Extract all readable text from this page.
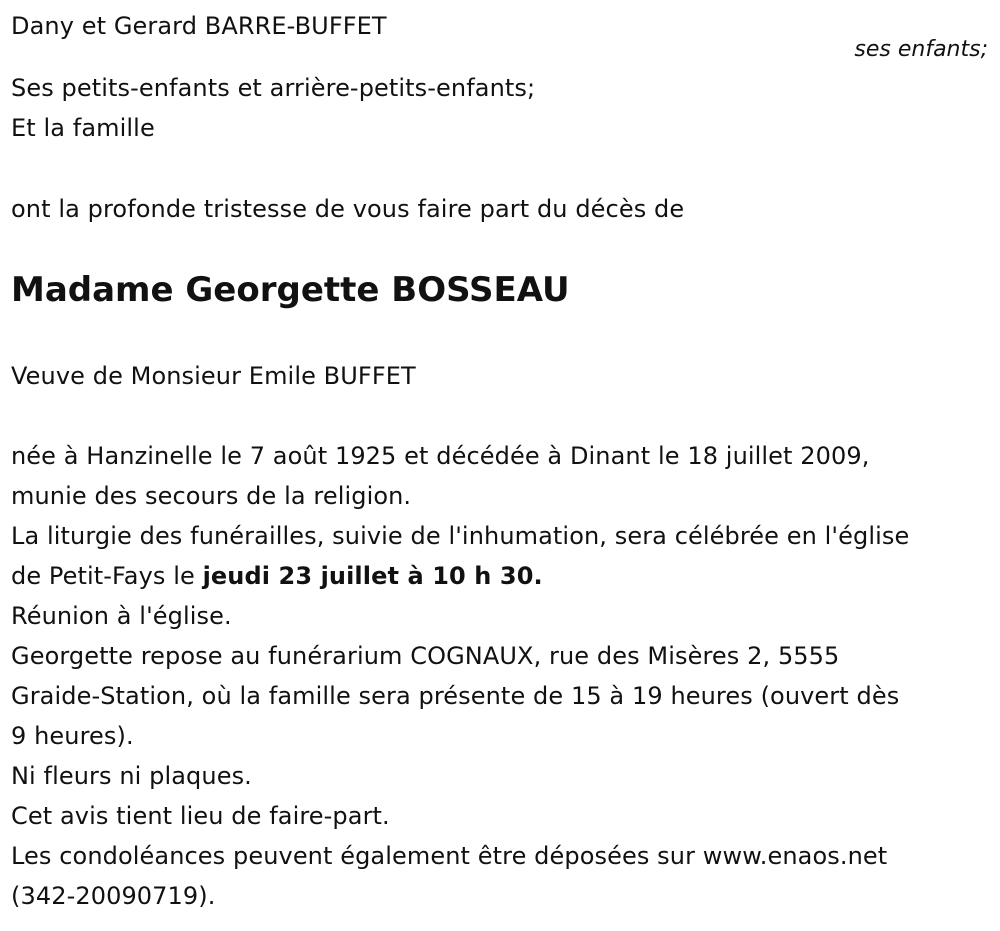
Dany et Gerard BARRE-BUFFET
ses enfants;
Ses petits-enfants et arrière-petits-enfants;
Et la famille
ont la profonde tristesse de vous faire part du décès de
Madame Georgette BOSSEAU
Veuve de Monsieur Emile BUFFET
née à Hanzinelle le 7 août 1925 et décédée à Dinant le 18 juillet 2009,
munie des secours de la religion.
La liturgie des funérailles, suivie de l'inhumation, sera célébrée en l'église
de Petit-Fays le jeudi 23 juillet à 10 h 30.
Réunion à l'église.
Georgette repose au funérarium COGNAUX, rue des Misères 2, 5555
Graide-Station, où la famille sera présente de 15 à 19 heures (ouvert dès
9 heures).
Ni fleurs ni plaques.
Cet avis tient lieu de faire-part.
Les condoléances peuvent également être déposées sur www.enaos.net
(342-20090719).
